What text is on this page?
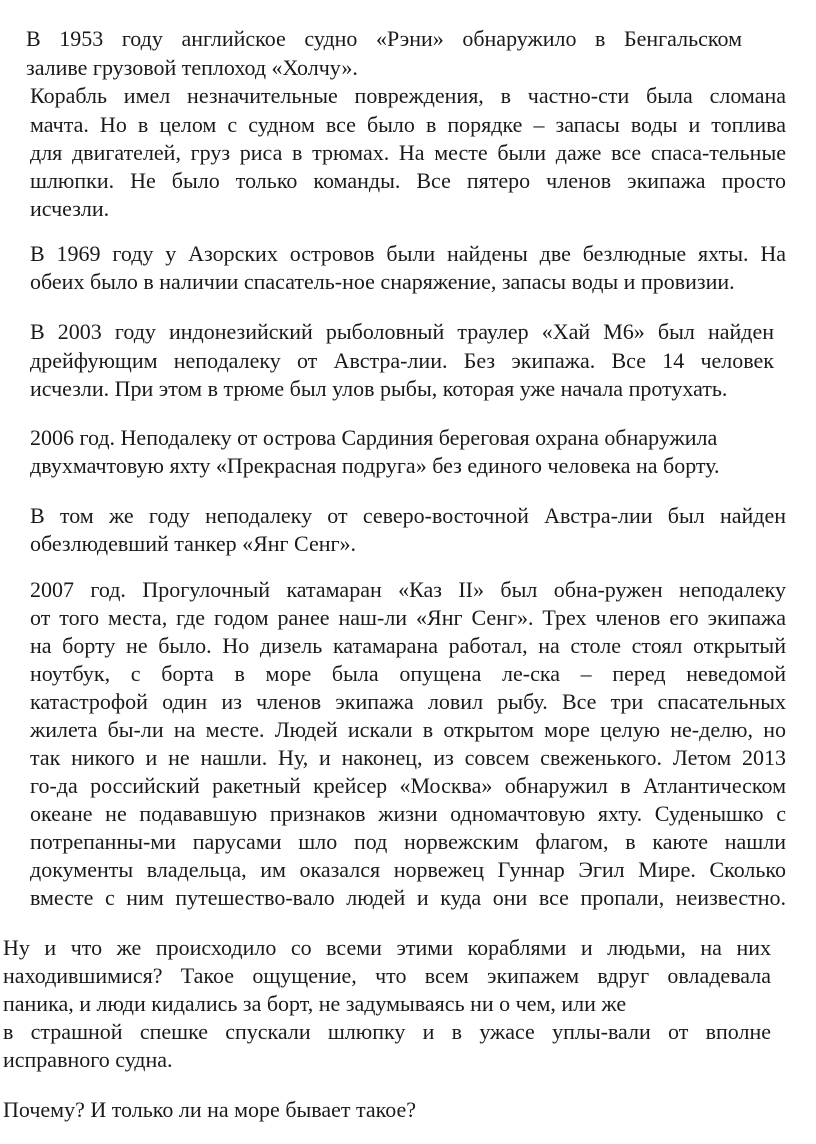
В 1953 году английское судно «Рэни» обнаружило в Бенгальском

заливе грузовой теплоход «Холчу».

Корабль имел незначительные повреждения, в частно-сти была сломана

мачта. Но в целом с судном все было в порядке – запасы воды и топлива

для двигателей, груз риса в трюмах. На месте были даже все спаса-тельные

шлюпки. Не было только команды. Все пятеро членов экипажа просто

исчезли.

В 1969 году у Азорских островов были найдены две безлюдные яхты. На

обеих было в наличии спасатель-ное снаряжение, запасы воды и провизии.

В 2003 году индонезийский рыболовный траулер «Хай М6» был найден

дрейфующим неподалеку от Австра-лии. Без экипажа. Все 14 человек

исчезли. При этом в трюме был улов рыбы, которая уже начала протухать.

2006 год. Неподалеку от острова Сардиния береговая охрана обнаружила

двухмачтовую яхту «Прекрасная подруга» без единого человека на борту.

В том же году неподалеку от северо-восточной Австра-лии был найден

обезлюдевший танкер «Янг Сенг».

2007 год. Прогулочный катамаран «Каз II» был обна-ружен неподалеку

от того места, где годом ранее наш-ли «Янг Сенг». Трех членов его экипажа

на борту не было. Но дизель катамарана работал, на столе стоял открытый

ноутбук, с борта в море была опущена ле-ска – перед неведомой

катастрофой один из членов экипажа ловил рыбу. Все три спасательных

жилета бы-ли на месте. Людей искали в открытом море целую не-делю, но

так никого и не нашли. Ну, и наконец, из совсем свеженького. Летом 2013

го-да российский ракетный крейсер «Москва» обнаружил в Атлантическом

океане не подававшую признаков жизни одномачтовую яхту. Суденышко с

потрепанны-ми парусами шло под норвежским флагом, в каюте нашли

документы владельца, им оказался норвежец Гуннар Эгил Мире. Сколько

вместе с ним путешество-вало людей и куда они все пропали, неизвестно.

Ну и что же происходило со всеми этими кораблями и людьми, на них

находившимися? Такое ощущение, что всем экипажем вдруг овладевала

паника, и люди кидались за борт, не задумываясь ни о чем, или же

в страшной спешке спускали шлюпку и в ужасе уплы-вали от вполне

исправного судна.

Почему? И только ли на море бывает такое?
